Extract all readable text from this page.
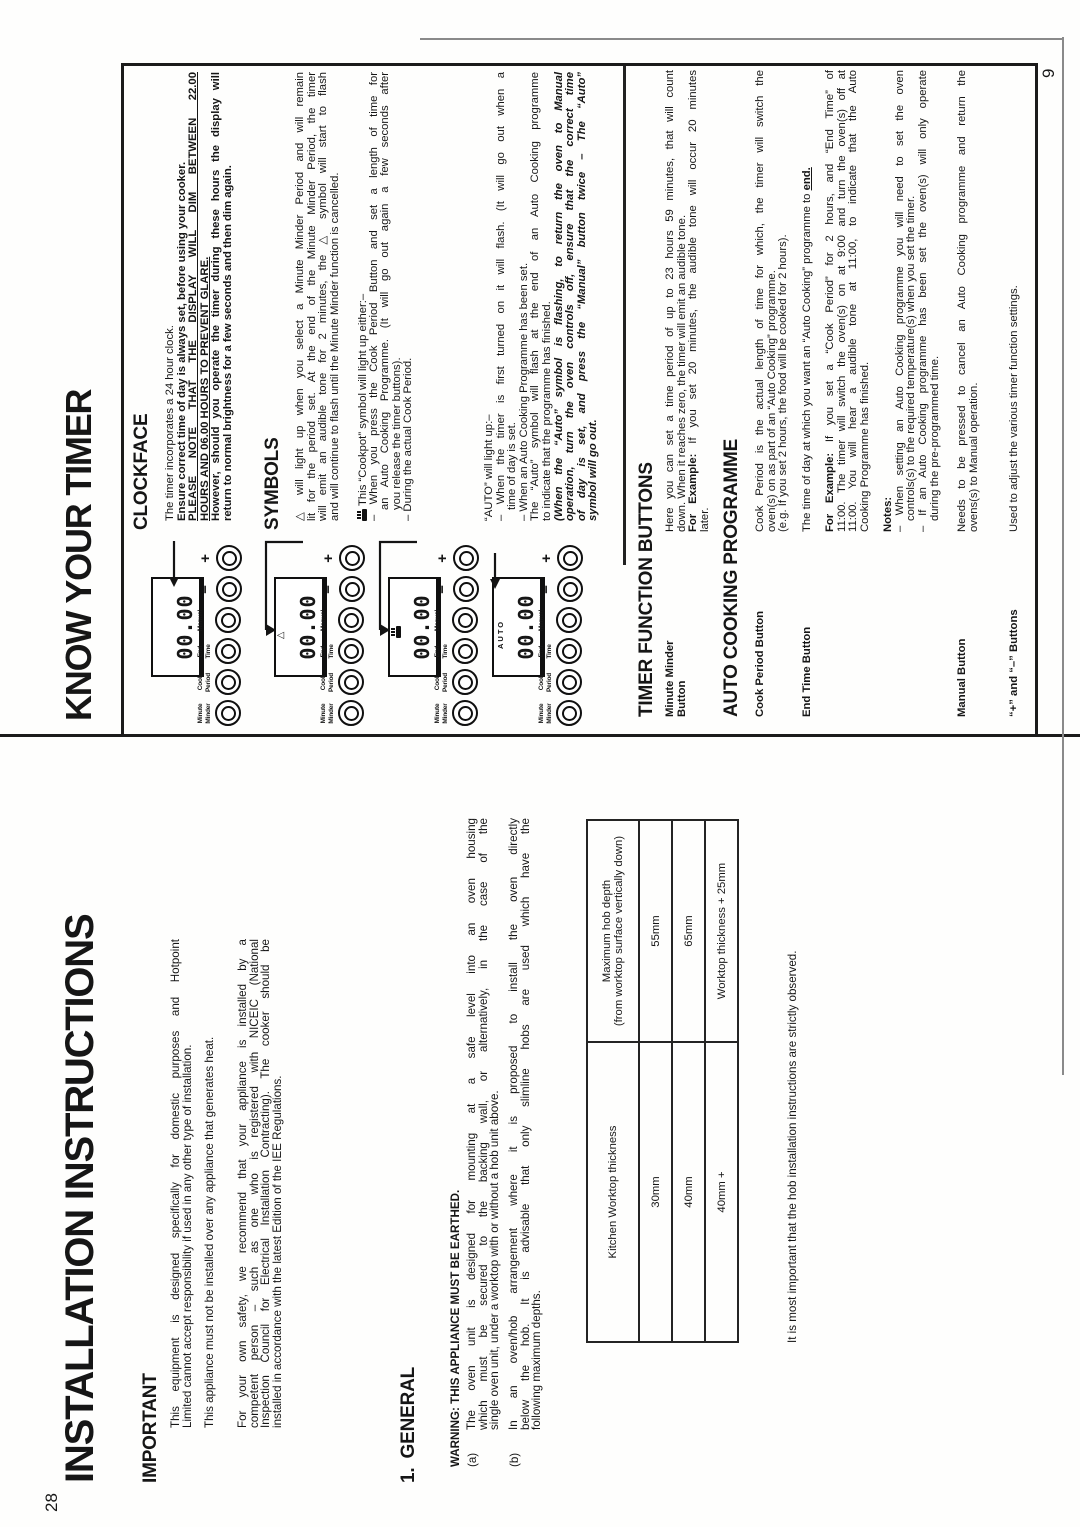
28
9
INSTALLATION INSTRUCTIONS IMPORTANT
This equipment is designed specifically for domestic purposes and Hotpoint
Limited cannot accept responsibility if used in any other type of installation. This appliance must not be installed over any appliance that generates heat. For your own safety, we recommend that your appliance is installed by a
competent person – such as one who is registered with NICEIC (National
Inspection Council for Electrical Installation Contracting). The cooker should be
installed in accordance with the latest Edition of the IEE Regulations.	1. GENERAL	WARNING: THIS APPLIANCE MUST BE EARTHED. (a)
The oven unit is designed for mounting at a safe level into an oven housing
which must be secured to the backing wall, or alternatively, in the case of the
single oven unit, under a worktop with or without a hob unit above.
(b)
In an oven/hob arrangement where it is proposed to install the oven directly
below the hob. It is advisable that only slimline hobs are used which have the
following maximum depths.
Kitchen Worktop thickness	Maximum hob depth (from worktop surface vertically down)

30mm	55mm
40mm	65mm
40mm +	Worktop thickness + 25mm
It is most important that the hob installation instructions are strictly observed.
KNOW YOUR TIMER CLOCKFACE The timer incorporates a 24 hour clock. Ensure correct time of day is always set, before using your cooker. PLEASE NOTE THAT THE DISPLAY WILL DIM BETWEEN 22.00 HOURS AND 06.00 HOURS TO PREVENT GLARE. However, should you operate the timer during these hours the display will return to normal brightness for a few seconds and then dim again. SYMBOLS △ will light up when you select a Minute Minder Period and will remain lit for the period set. At the end of the Minute Minder Period, the timer will emit an audible tone for 2 minutes, the △ symbol will start to flash and will continue to flash until the Minute Minder function is cancelled. This “Cookpot” symbol will light up either:–
– When you press the Cook Period Button and set a length of time for an Auto Cooking Programme. (It will go out again a few seconds after you release the timer buttons). – During the actual Cook Period.	“AUTO” will light up:– – When the timer is first turned on it will flash. (It will go out when a time of day is set. – When an Auto Cooking Programme has been set. The “Auto” symbol will flash at the end of an Auto Cooking programme to indicate that the programme has finished. (When the “Auto” symbol is flashing, to return the oven to Manual operation, turn the oven controls off, ensure that the correct time of day is set, and press the “Manual” button twice – The “Auto” symbol will go out.
00.00
Minute
Minder
Cook
Period
End
Time
Manual
−
+
00.00
△
Minute
Minder
Cook
Period
End
Time
Manual
−
+
00.00
Minute
Minder
Cook
Period
End
Time
Manual
−
+
00.00
AUTO
Minute
Minder
Cook
Period
End
Time
Manual
−
+	TIMER FUNCTION BUTTONS	AUTO COOKING PROGRAMME
Minute Minder Button
Here you can set a time period of up to 23 hours 59 minutes, that will count down. When it reaches zero, the timer will emit an audible tone. For Example: If you set 20 minutes, the audible tone will occur 20 minutes
later.
Cook Period Button
Cook Period is the actual length of time for which, the timer will switch the oven(s) on as part of an “Auto Cooking” programme. (e.g. If you set 2 hours, the food will be cooked for 2 hours).
End Time Button
The time of day at which you want an “Auto Cooking” programme to end.

For Example: If you set a “Cook Period” for 2 hours, and “End Time” of 11:00. The timer will switch the oven(s) on at 9:00 and turn the oven(s) off at 11:00. You will hear a audible tone at 11:00, to indicate that the Auto Cooking Programme has finished.
Notes: – When setting an Auto Cooking programme you will need to set the oven controls(s) to the required temperature(s) when you set the timer. – If an Auto Cooking programme has been set the oven(s) will only operate during the pre-programmed time.
Manual Button
Needs to be pressed to cancel an Auto Cooking programme and return the ovens(s) to Manual operation.
“+” and “–” Buttons
Used to adjust the various timer function settings.
